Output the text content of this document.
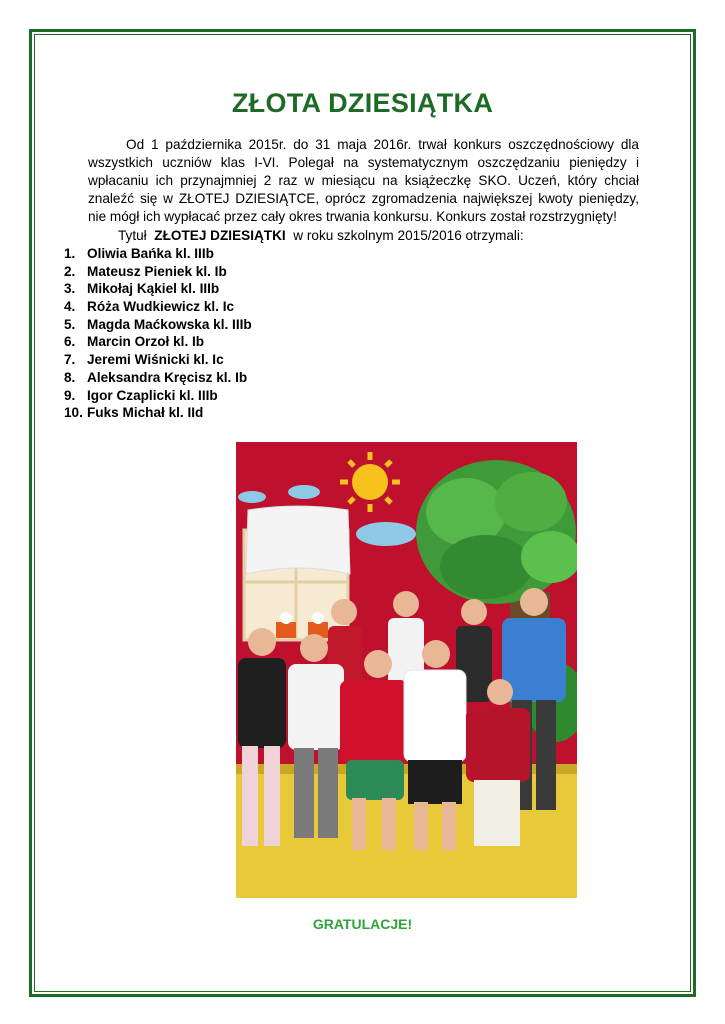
ZŁOTA DZIESIĄTKA

Od 1 października 2015r. do 31 maja 2016r. trwał konkurs oszczędnościowy dla wszystkich uczniów klas I-VI. Polegał na systematycznym oszczędzaniu pieniędzy i wpłacaniu ich przynajmniej 2 raz w miesiącu na książeczkę SKO. Uczeń, który chciał znaleźć się w ZŁOTEJ DZIESIĄTCE, oprócz zgromadzenia największej kwoty pieniędzy, nie mógł ich wypłacać przez cały okres trwania konkursu. Konkurs został rozstrzygnięty!

Tytuł ZŁOTEJ DZIESIĄTKI w roku szkolnym 2015/2016 otrzymali:
1. Oliwia Bańka kl. IIIb
2. Mateusz Pieniek kl. Ib
3. Mikołaj Kąkiel kl. IIIb
4. Róża Wudkiewicz kl. Ic
5. Magda Maćkowska kl. IIIb
6. Marcin Orzoł kl. Ib
7. Jeremi Wiśnicki kl. Ic
8. Aleksandra Kręcisz kl. Ib
9. Igor Czaplicki kl. IIIb
10. Fuks Michał kl. IId
GRATULACJE!
